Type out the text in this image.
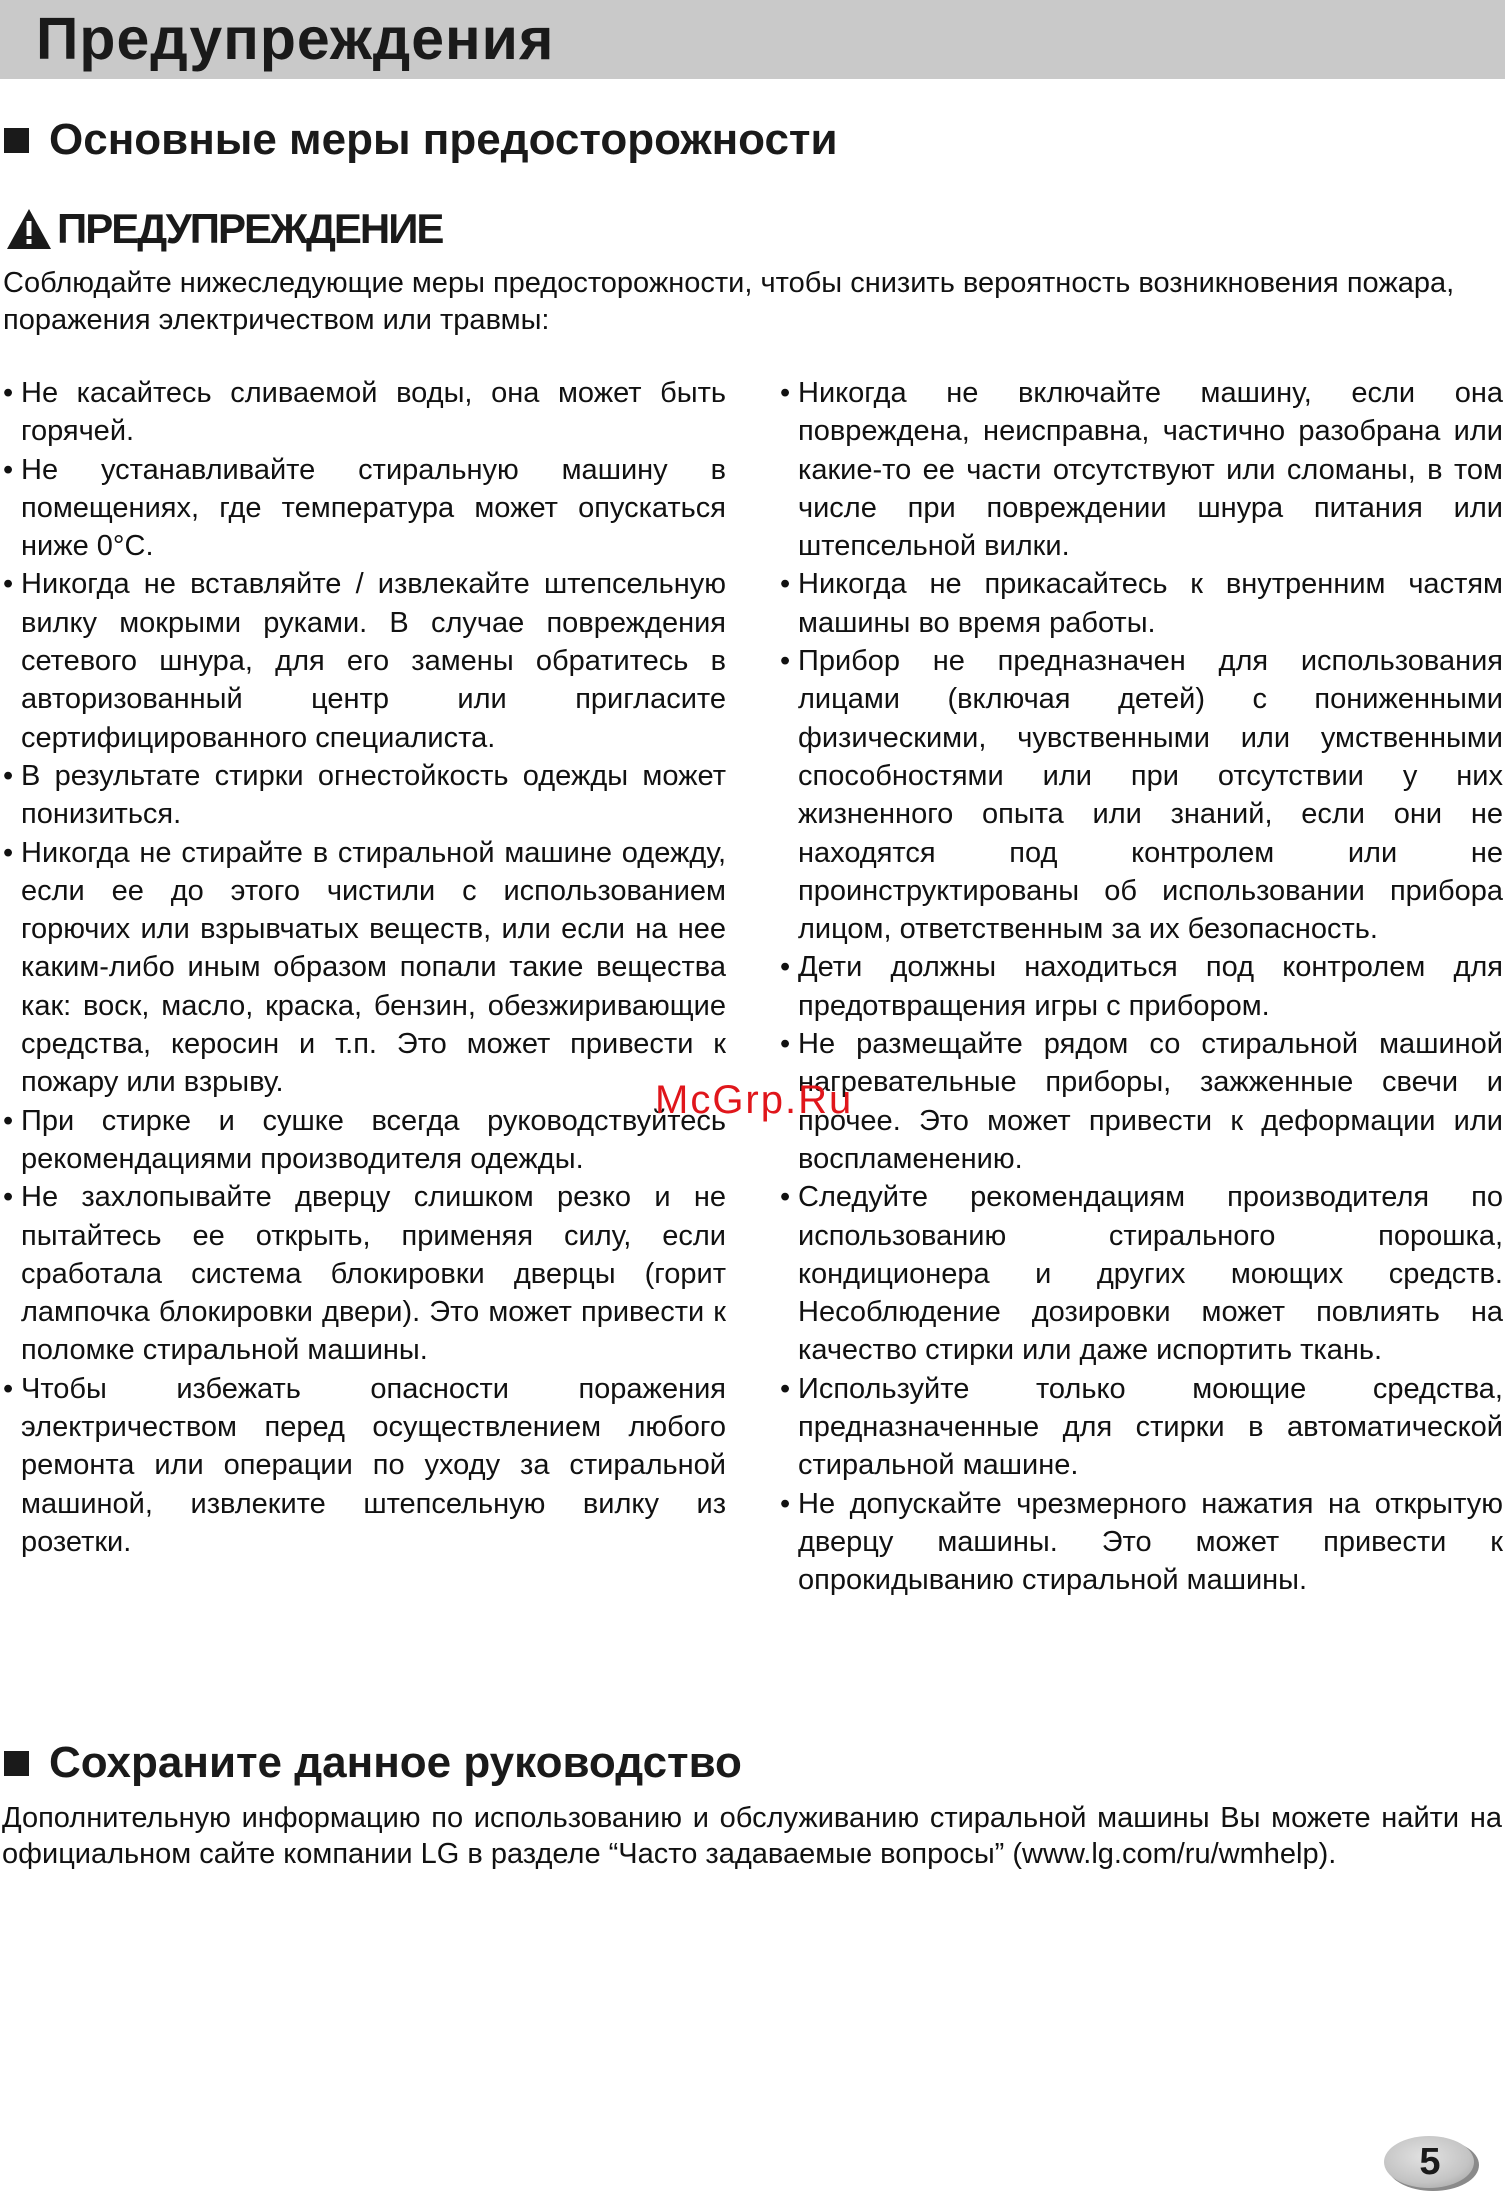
Предупреждения
Основные меры предосторожности
ПРЕДУПРЕЖДЕНИЕ

Соблюдайте нижеследующие меры предосторожности, чтобы снизить вероятность возникновения пожара, поражения электричеством или травмы:

• Не касайтесь сливаемой воды, она может быть горячей.
• Не устанавливайте стиральную машину в помещениях, где температура может опускаться ниже 0°C.
• Никогда не вставляйте / извлекайте штепсельную вилку мокрыми руками. В случае повреждения сетевого шнура, для его замены обратитесь в авторизованный центр или пригласите сертифицированного специалиста.
• В результате стирки огнестойкость одежды может понизиться.
• Никогда не стирайте в стиральной машине одежду, если ее до этого чистили с использованием горючих или взрывчатых веществ, или если на нее каким-либо иным образом попали такие вещества как: воск, масло, краска, бензин, обезжиривающие средства, керосин и т.п. Это может привести к пожару или взрыву.
• При стирке и сушке всегда руководствуйтесь рекомендациями производителя одежды.
• Не захлопывайте дверцу слишком резко и не пытайтесь ее открыть, применяя силу, если сработала система блокировки дверцы (горит лампочка блокировки двери). Это может привести к поломке стиральной машины.
• Чтобы избежать опасности поражения электричеством перед осуществлением любого ремонта или операции по уходу за стиральной машиной, извлеките штепсельную вилку из розетки.
• Никогда не включайте машину, если она повреждена, неисправна, частично разобрана или какие-то ее части отсутствуют или сломаны, в том числе при повреждении шнура питания или штепсельной вилки.
• Никогда не прикасайтесь к внутренним частям машины во время работы.
• Прибор не предназначен для использования лицами (включая детей) с пониженными физическими, чувственными или умственными способностями или при отсутствии у них жизненного опыта или знаний, если они не находятся под контролем или не проинструктированы об использовании прибора лицом, ответственным за их безопасность.
• Дети должны находиться под контролем для предотвращения игры с прибором.
• Не размещайте рядом со стиральной машиной нагревательные приборы, зажженные свечи и прочее. Это может привести к деформации или воспламенению.
• Следуйте рекомендациям производителя по использованию стирального порошка, кондиционера и других моющих средств. Несоблюдение дозировки может повлиять на качество стирки или даже испортить ткань.
• Используйте только моющие средства, предназначенные для стирки в автоматической стиральной машине.
• Не допускайте чрезмерного нажатия на открытую дверцу машины. Это может привести к опрокидыванию стиральной машины.
McGrp.Ru
Сохраните данное руководство

Дополнительную информацию по использованию и обслуживанию стиральной машины Вы можете найти на официальном сайте компании LG в разделе “Часто задаваемые вопросы” (www.lg.com/ru/wmhelp).

5
